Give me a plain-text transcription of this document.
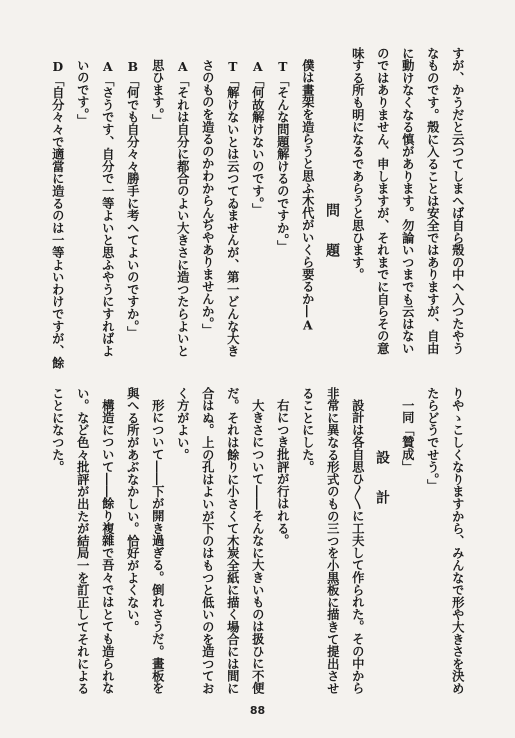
すが、かうだと云つてしまへば自ら殼の中へ入つたやう
なものです。殼に入ることは安全ではありますが、自由
に動けなくなる慎があります。勿論いつまでも云はない
のではありません、申しますが、それまでに自らその意
味する所も明になるであらうと思ひます。
問　題
僕は畫架を造らうと思ふ木代がいくら要るか―A
T「そんな問題解けるのですか。」
A「何故解けないのです。」
T「解けないとは云つてゐませんが、第一どんな大き
さのものを造るのかわからんぢやありませんか。」
A「それは自分に都合のよい大きさに造つたらよいと
思ひます。」
B「何でも自分々々勝手に考へてよいのですか。」
A「さうです、自分で一等よいと思ふやうにすればよ
いのです。」
D「自分々々で適當に造るのは一等よいわけですが、餘
りやゝこしくなりますから、みんなで形や大きさを決め
たらどうでせう。」
一同「贊成」
設　計
設計は各自思ひ〳〵に工夫して作られた。その中から
非常に異なる形式のもの三つを小黒板に描きて提出させ
ることにした。
右につき批評が行はれる。
大きさについて――そんなに大きいものは扱ひに不便
だ。それは餘りに小さくて木炭全紙に描く場合には間に
合はぬ。上の孔はよいが下のはもつと低いのを造つてお
く方がよい。
形について――下が開き過ぎる。倒れさうだ。畫板を
與へる所があぶなかしい。恰好がよくない。
構造について――餘り複雜で吾々ではとても造られな
い。など色々批評が出たが結局一を訂正してそれによる
ことになつた。
88
